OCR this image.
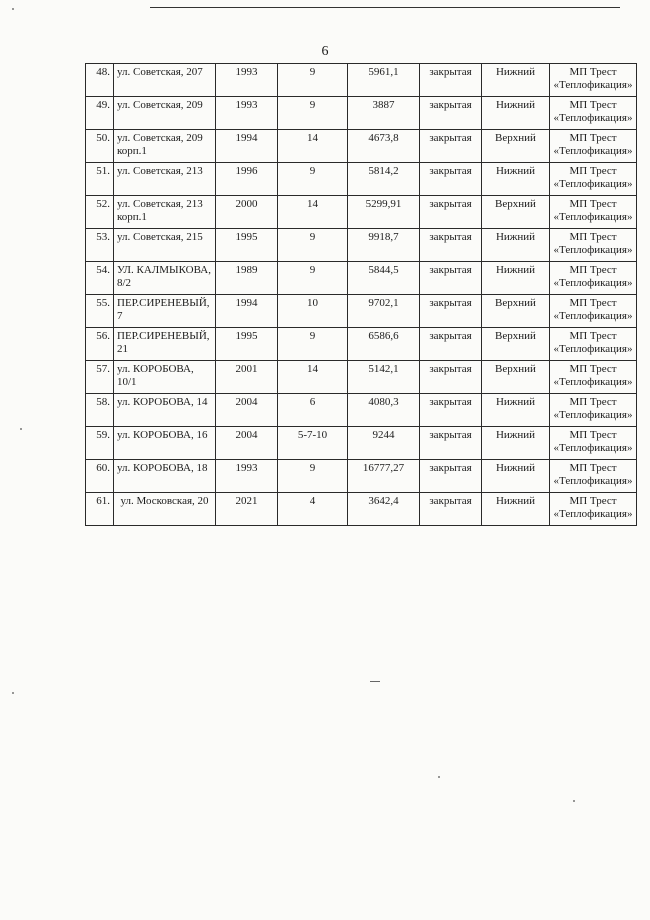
6
48.	ул. Советская, 207	1993	9	5961,1	закрытая	Нижний	МП Трест «Теплофикация»
49.	ул. Советская, 209	1993	9	3887	закрытая	Нижний	МП Трест «Теплофикация»
50.	ул. Советская, 209 корп.1	1994	14	4673,8	закрытая	Верхний	МП Трест «Теплофикация»
51.	ул. Советская, 213	1996	9	5814,2	закрытая	Нижний	МП Трест «Теплофикация»
52.	ул. Советская, 213 корп.1	2000	14	5299,91	закрытая	Верхний	МП Трест «Теплофикация»
53.	ул. Советская, 215	1995	9	9918,7	закрытая	Нижний	МП Трест «Теплофикация»
54.	УЛ. КАЛМЫКОВА, 8/2	1989	9	5844,5	закрытая	Нижний	МП Трест «Теплофикация»
55.	ПЕР.СИРЕНЕВЫЙ, 7	1994	10	9702,1	закрытая	Верхний	МП Трест «Теплофикация»
56.	ПЕР.СИРЕНЕВЫЙ, 21	1995	9	6586,6	закрытая	Верхний	МП Трест «Теплофикация»
57.	ул. КОРОБОВА, 10/1	2001	14	5142,1	закрытая	Верхний	МП Трест «Теплофикация»
58.	ул. КОРОБОВА, 14	2004	6	4080,3	закрытая	Нижний	МП Трест «Теплофикация»
59.	ул. КОРОБОВА, 16	2004	5-7-10	9244	закрытая	Нижний	МП Трест «Теплофикация»
60.	ул. КОРОБОВА, 18	1993	9	16777,27	закрытая	Нижний	МП Трест «Теплофикация»
61.	ул. Московская, 20	2021	4	3642,4	закрытая	Нижний	МП Трест «Теплофикация»
